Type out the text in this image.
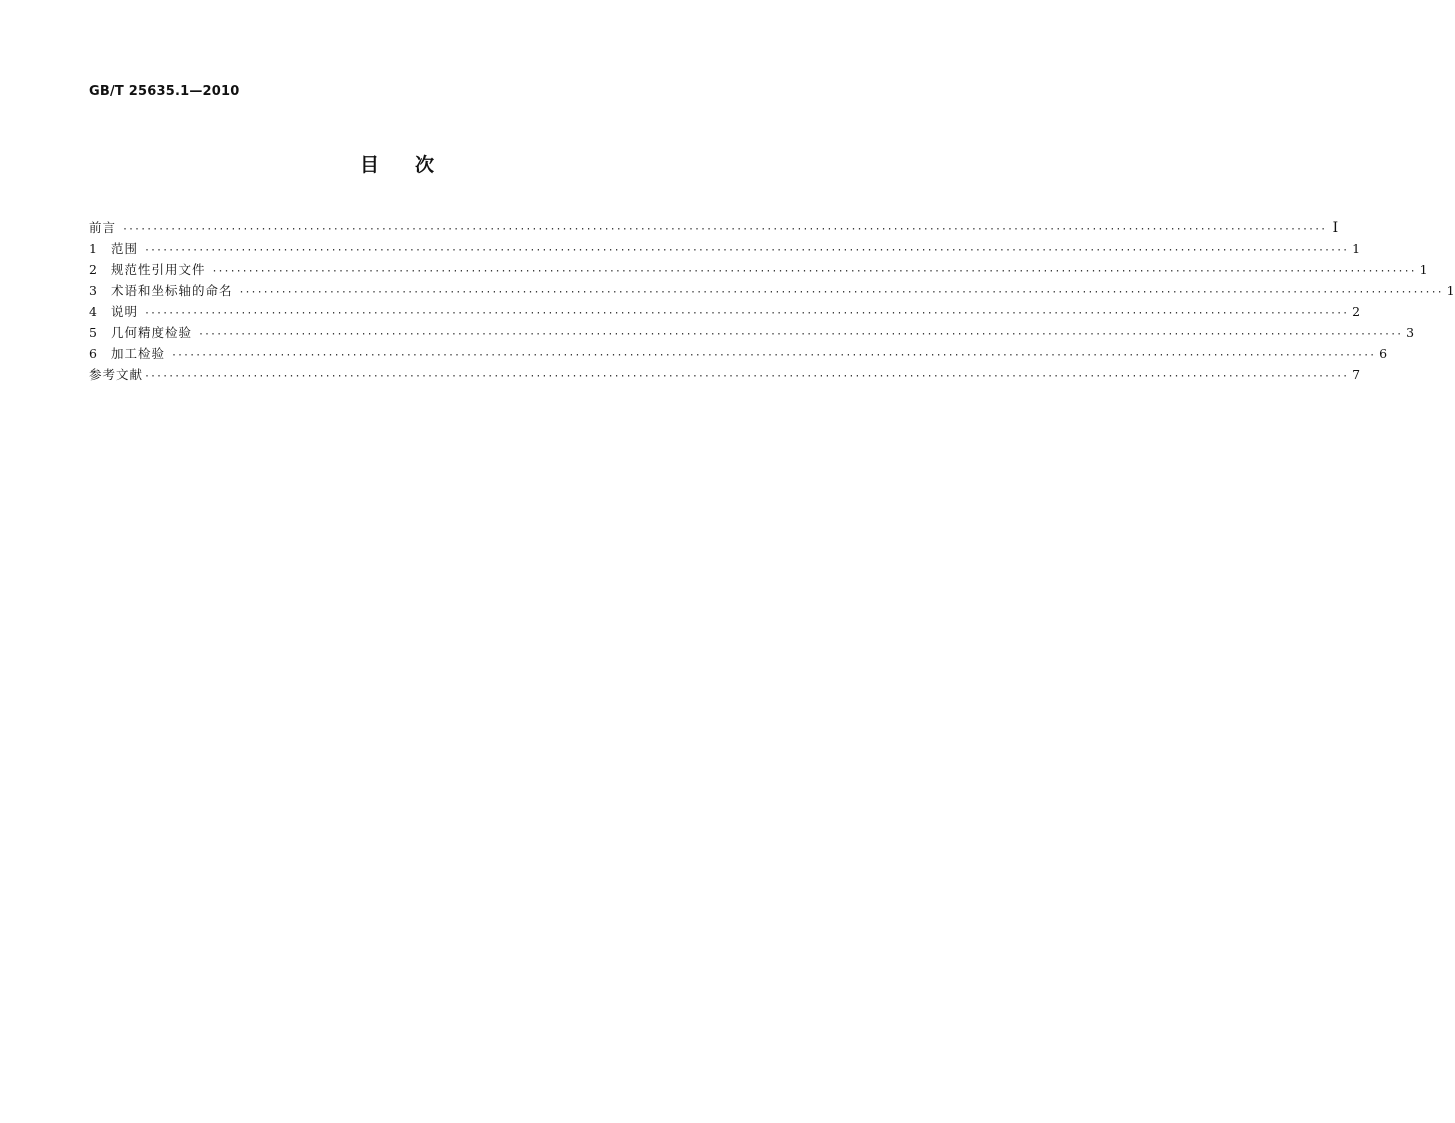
GB/T 25635.1—2010
目次
前言 ········································································································································································································ I
1	范围 ········································································································································································································ 1
2	规范性引用文件 ········································································································································································································ 1
3	术语和坐标轴的命名 ········································································································································································································ 1
4	说明 ········································································································································································································ 2
5	几何精度检验 ········································································································································································································ 3
6	加工检验 ········································································································································································································ 6
参考文献 ········································································································································································································ 7
